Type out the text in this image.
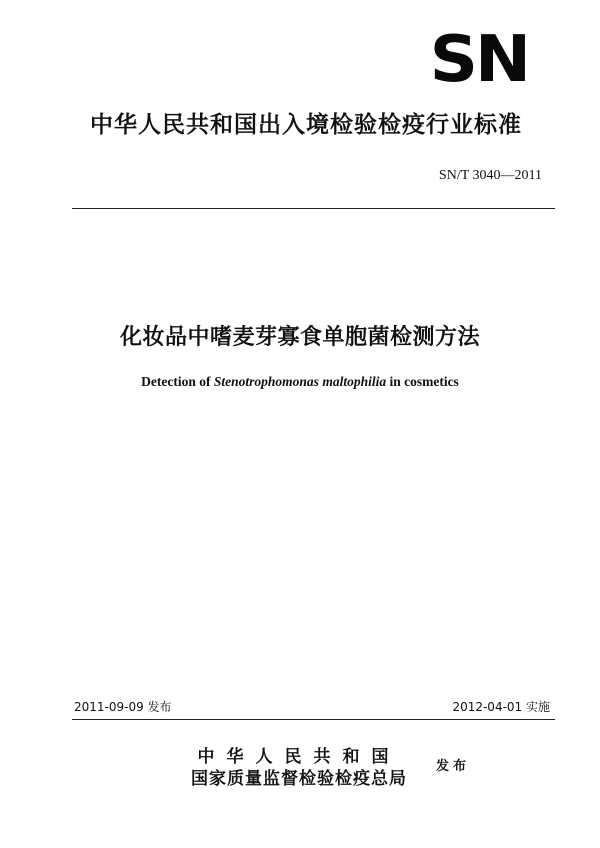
SN
中华人民共和国出入境检验检疫行业标准
SN/T 3040—2011
化妆品中嗜麦芽寡食单胞菌检测方法
Detection of Stenotrophomonas maltophilia in cosmetics
2011-09-09 发布	2012-04-01 实施
中华人民共和国
国家质量监督检验检疫总局
发布
